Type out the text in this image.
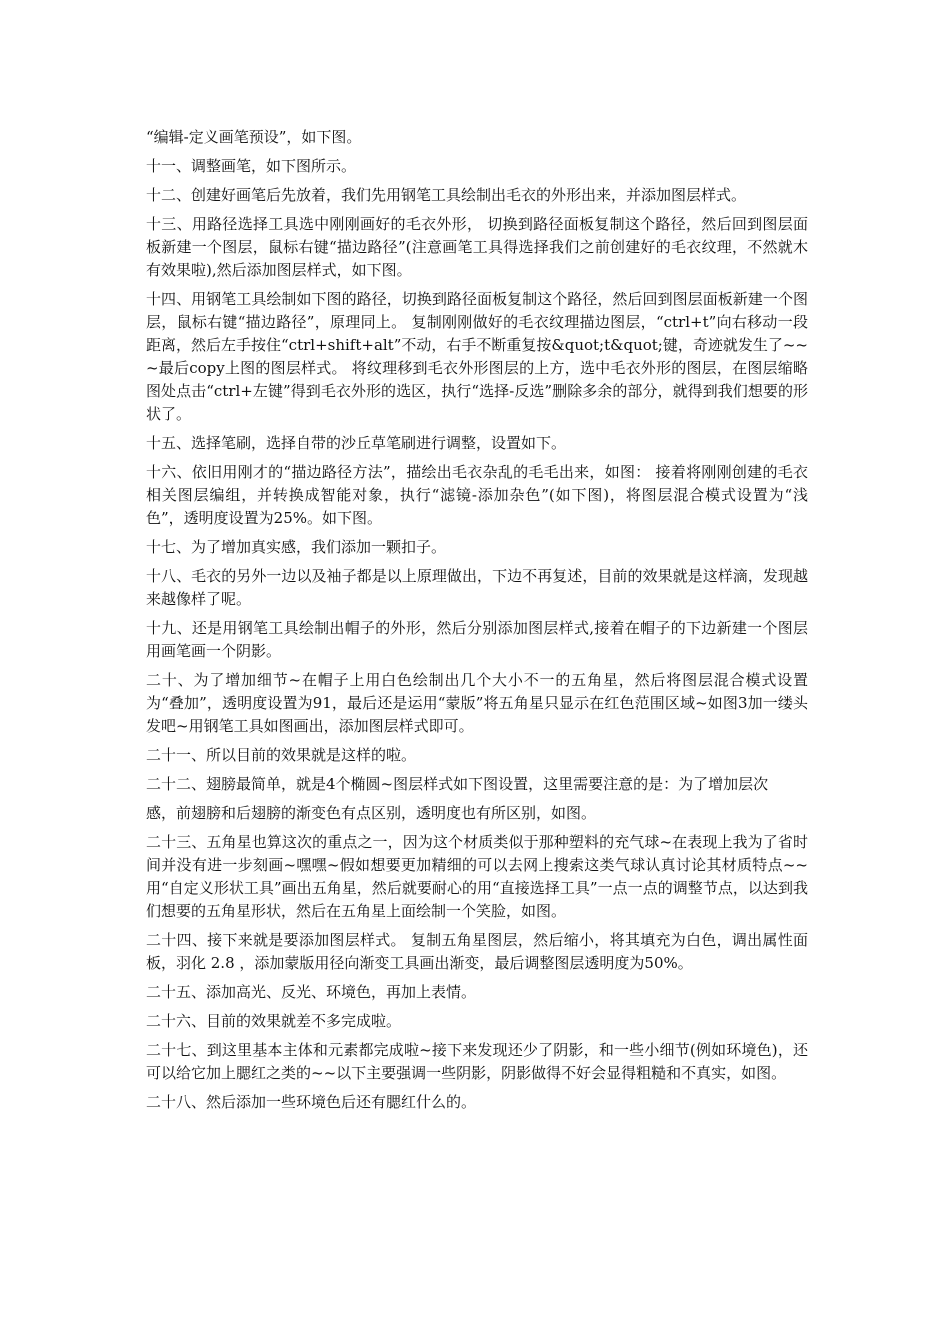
“编辑-定义画笔预设”，如下图。

十一、调整画笔，如下图所示。

十二、创建好画笔后先放着，我们先用钢笔工具绘制出毛衣的外形出来，并添加图层样式。

十三、用路径选择工具选中刚刚画好的毛衣外形， 切换到路径面板复制这个路径，然后回到图层面板新建一个图层，鼠标右键“描边路径”(注意画笔工具得选择我们之前创建好的毛衣纹理，不然就木有效果啦),然后添加图层样式，如下图。

十四、用钢笔工具绘制如下图的路径，切换到路径面板复制这个路径，然后回到图层面板新建一个图层，鼠标右键“描边路径”，原理同上。 复制刚刚做好的毛衣纹理描边图层，“ctrl+t”向右移动一段距离，然后左手按住“ctrl+shift+alt”不动，右手不断重复按&quot;t&quot;键，奇迹就发生了~~~最后copy上图的图层样式。 将纹理移到毛衣外形图层的上方，选中毛衣外形的图层，在图层缩略图处点击“ctrl+左键”得到毛衣外形的选区，执行“选择-反选”删除多余的部分，就得到我们想要的形状了。

十五、选择笔刷，选择自带的沙丘草笔刷进行调整，设置如下。

十六、依旧用刚才的“描边路径方法”，描绘出毛衣杂乱的毛毛出来，如图： 接着将刚刚创建的毛衣相关图层编组，并转换成智能对象，执行“滤镜-添加杂色”(如下图)，将图层混合模式设置为“浅色”，透明度设置为25%。如下图。

十七、为了增加真实感，我们添加一颗扣子。

十八、毛衣的另外一边以及袖子都是以上原理做出，下边不再复述，目前的效果就是这样滴，发现越来越像样了呢。

十九、还是用钢笔工具绘制出帽子的外形，然后分别添加图层样式,接着在帽子的下边新建一个图层用画笔画一个阴影。

二十、为了增加细节~在帽子上用白色绘制出几个大小不一的五角星，然后将图层混合模式设置为“叠加”，透明度设置为91，最后还是运用“蒙版”将五角星只显示在红色范围区域~如图3加一缕头发吧~用钢笔工具如图画出，添加图层样式即可。

二十一、所以目前的效果就是这样的啦。

二十二、翅膀最简单，就是4个椭圆~图层样式如下图设置，这里需要注意的是：为了增加层次

感，前翅膀和后翅膀的渐变色有点区别，透明度也有所区别，如图。

二十三、五角星也算这次的重点之一，因为这个材质类似于那种塑料的充气球~在表现上我为了省时间并没有进一步刻画~嘿嘿~假如想要更加精细的可以去网上搜索这类气球认真讨论其材质特点~~ 用“自定义形状工具”画出五角星，然后就要耐心的用“直接选择工具”一点一点的调整节点，以达到我们想要的五角星形状，然后在五角星上面绘制一个笑脸，如图。

二十四、接下来就是要添加图层样式。 复制五角星图层，然后缩小，将其填充为白色，调出属性面板，羽化 2.8 ，添加蒙版用径向渐变工具画出渐变，最后调整图层透明度为50%。

二十五、添加高光、反光、环境色，再加上表情。

二十六、目前的效果就差不多完成啦。

二十七、到这里基本主体和元素都完成啦~接下来发现还少了阴影，和一些小细节(例如环境色)，还可以给它加上腮红之类的~~以下主要强调一些阴影，阴影做得不好会显得粗糙和不真实，如图。

二十八、然后添加一些环境色后还有腮红什么的。
